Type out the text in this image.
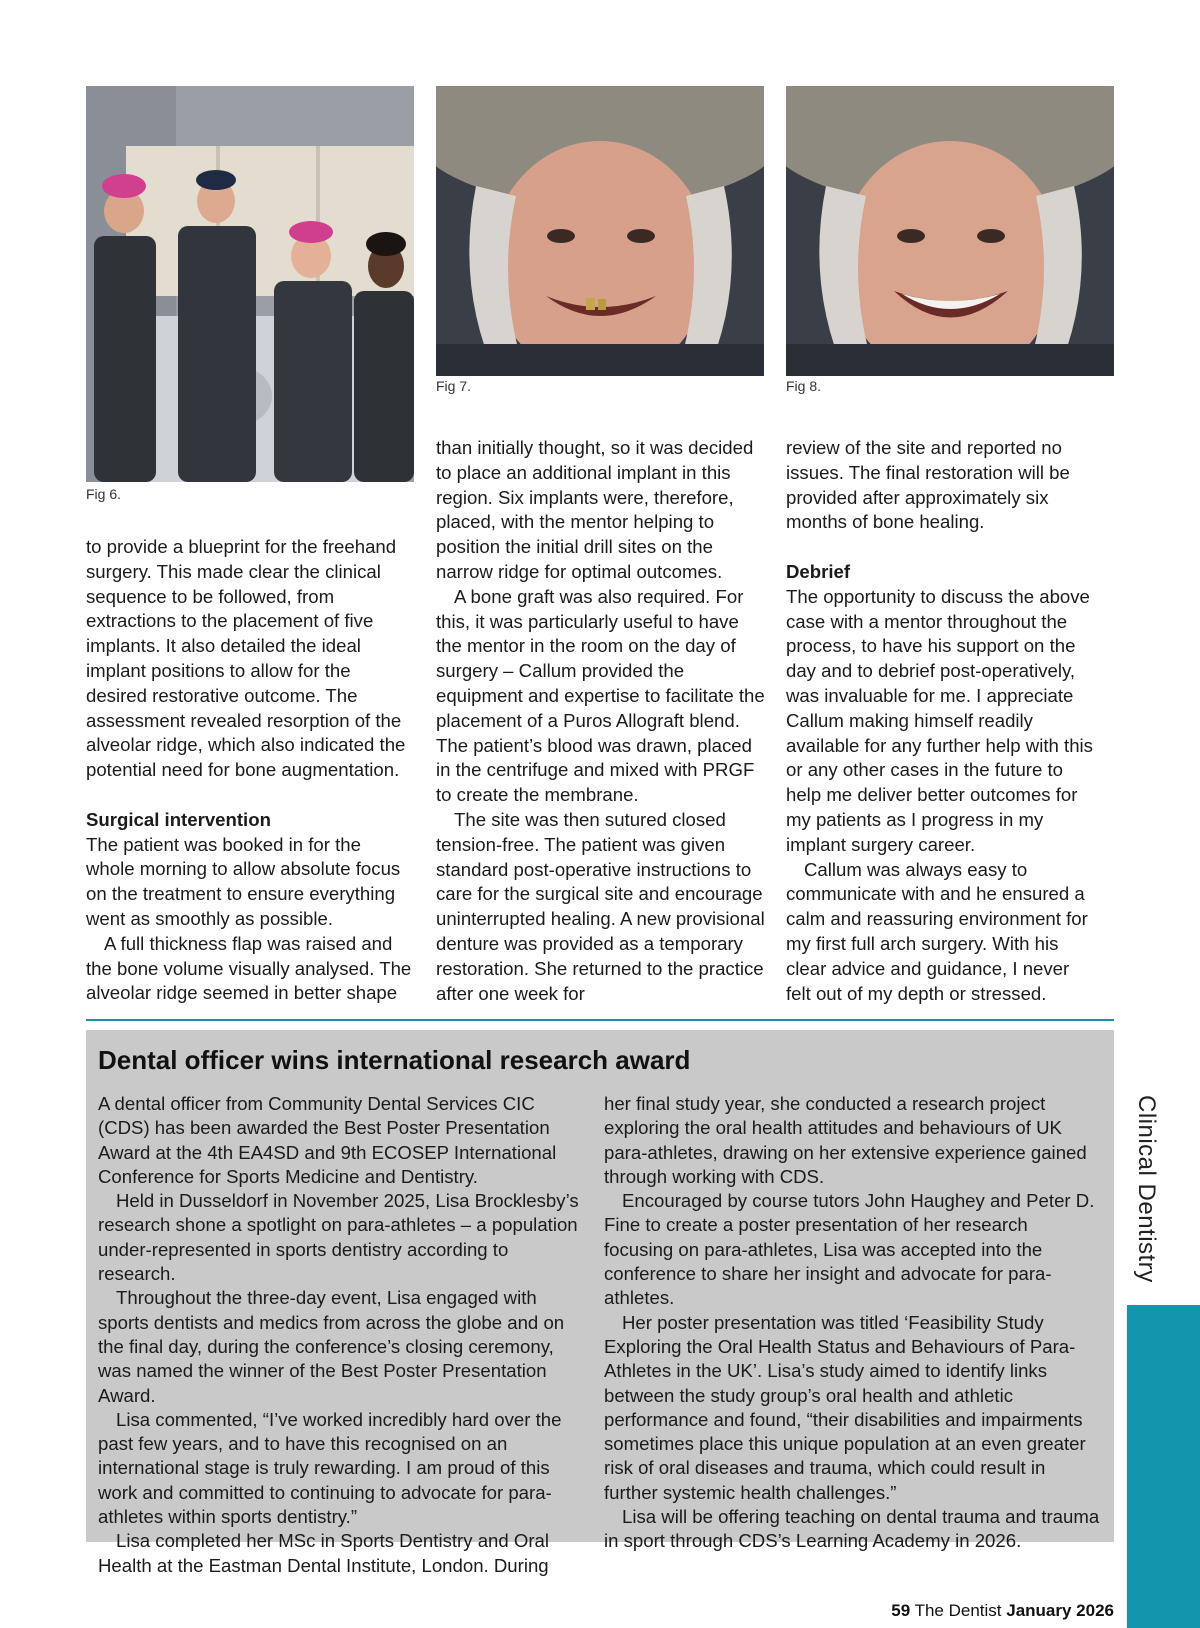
Fig 6.
Fig 7.	Fig 8.

to provide a blueprint for the freehand surgery. This made clear the clinical sequence to be followed, from extractions to the placement of five implants. It also detailed the ideal implant positions to allow for the desired restorative outcome. The assessment revealed resorption of the alveolar ridge, which also indicated the potential need for bone augmentation.

Surgical intervention

The patient was booked in for the whole morning to allow absolute focus on the treatment to ensure everything went as smoothly as possible.

A full thickness flap was raised and the bone volume visually analysed. The alveolar ridge seemed in better shape

than initially thought, so it was decided to place an additional implant in this region. Six implants were, therefore, placed, with the mentor helping to position the initial drill sites on the narrow ridge for optimal outcomes.

A bone graft was also required. For this, it was particularly useful to have the mentor in the room on the day of surgery – Callum provided the equipment and expertise to facilitate the placement of a Puros Allograft blend. The patient’s blood was drawn, placed in the centrifuge and mixed with PRGF to create the membrane.

The site was then sutured closed tension-free. The patient was given standard post-operative instructions to care for the surgical site and encourage uninterrupted healing. A new provisional denture was provided as a temporary restoration. She returned to the practice after one week for

review of the site and reported no issues. The final restoration will be provided after approximately six months of bone healing.

Debrief

The opportunity to discuss the above case with a mentor throughout the process, to have his support on the day and to debrief post-operatively, was invaluable for me. I appreciate Callum making himself readily available for any further help with this or any other cases in the future to help me deliver better outcomes for my patients as I progress in my implant surgery career.

Callum was always easy to communicate with and he ensured a calm and reassuring environment for my first full arch surgery. With his clear advice and guidance, I never felt out of my depth or stressed.

Dental officer wins international research award

A dental officer from Community Dental Services CIC (CDS) has been awarded the Best Poster Presentation Award at the 4th EA4SD and 9th ECOSEP International Conference for Sports Medicine and Dentistry.

Held in Dusseldorf in November 2025, Lisa Brocklesby’s research shone a spotlight on para-athletes – a population under-represented in sports dentistry according to research.

Throughout the three-day event, Lisa engaged with sports dentists and medics from across the globe and on the final day, during the conference’s closing ceremony, was named the winner of the Best Poster Presentation Award.

Lisa commented, “I’ve worked incredibly hard over the past few years, and to have this recognised on an international stage is truly rewarding. I am proud of this work and committed to continuing to advocate for para-athletes within sports dentistry.”

Lisa completed her MSc in Sports Dentistry and Oral Health at the Eastman Dental Institute, London. During

her final study year, she conducted a research project exploring the oral health attitudes and behaviours of UK para-athletes, drawing on her extensive experience gained through working with CDS.

Encouraged by course tutors John Haughey and Peter D. Fine to create a poster presentation of her research focusing on para-athletes, Lisa was accepted into the conference to share her insight and advocate for para-athletes.

Her poster presentation was titled ‘Feasibility Study Exploring the Oral Health Status and Behaviours of Para-Athletes in the UK’. Lisa’s study aimed to identify links between the study group’s oral health and athletic performance and found, “their disabilities and impairments sometimes place this unique population at an even greater risk of oral diseases and trauma, which could result in further systemic health challenges.”

Lisa will be offering teaching on dental trauma and trauma in sport through CDS’s Learning Academy in 2026.

Clinical Dentistry
59 The Dentist January 2026
